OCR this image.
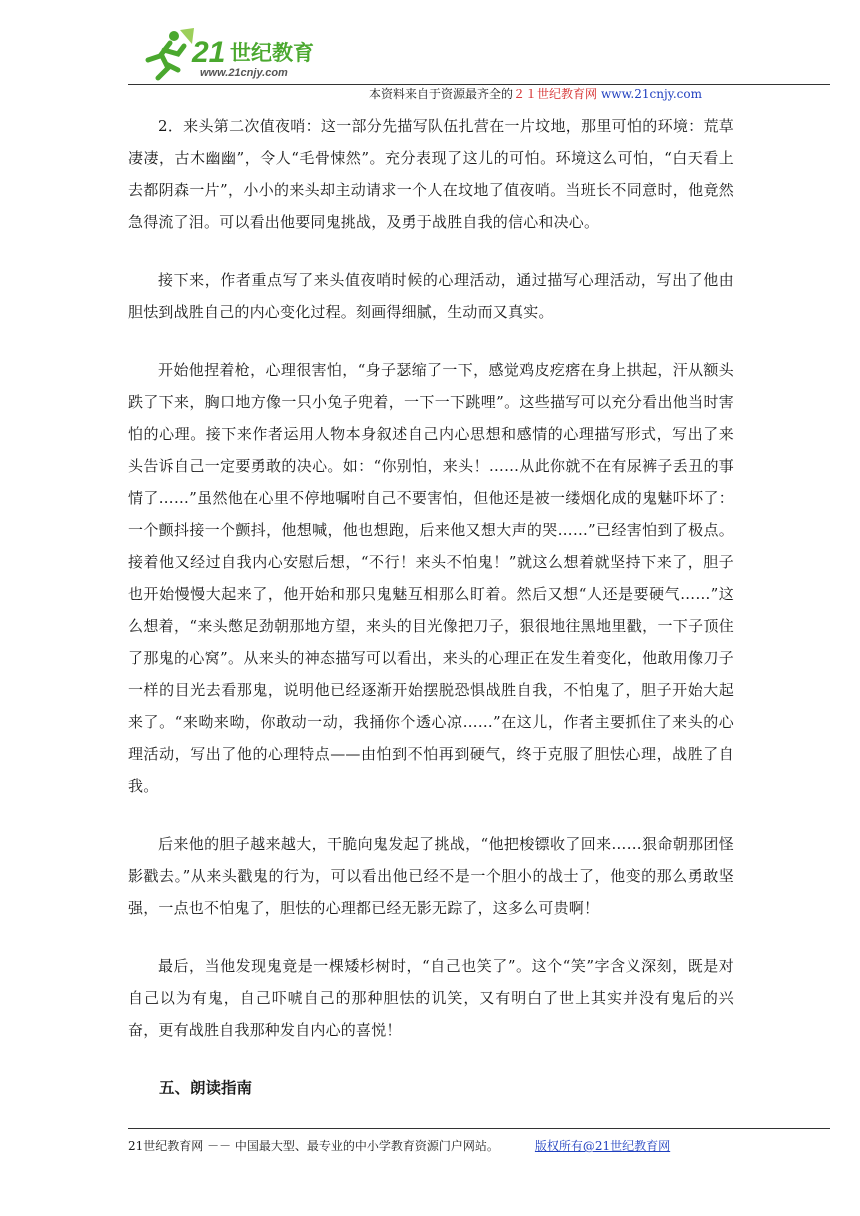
21 世纪教育
www.21cnjy.com
本资料来自于资源最齐全的２１世纪教育网 www.21cnjy.com

2．来头第二次值夜哨：这一部分先描写队伍扎营在一片坟地，那里可怕的环境：荒草凄凄，古木幽幽”，令人“毛骨悚然”。充分表现了这儿的可怕。环境这么可怕，“白天看上去都阴森一片”，小小的来头却主动请求一个人在坟地了值夜哨。当班长不同意时，他竟然急得流了泪。可以看出他要同鬼挑战，及勇于战胜自我的信心和决心。

接下来，作者重点写了来头值夜哨时候的心理活动，通过描写心理活动，写出了他由胆怯到战胜自己的内心变化过程。刻画得细腻，生动而又真实。

开始他捏着枪，心理很害怕，“身子瑟缩了一下，感觉鸡皮疙瘩在身上拱起，汗从额头跌了下来，胸口地方像一只小兔子兜着，一下一下跳哩”。这些描写可以充分看出他当时害怕的心理。接下来作者运用人物本身叙述自己内心思想和感情的心理描写形式，写出了来头告诉自己一定要勇敢的决心。如：“你别怕，来头！……从此你就不在有尿裤子丢丑的事情了……”虽然他在心里不停地嘱咐自己不要害怕，但他还是被一缕烟化成的鬼魅吓坏了：一个颤抖接一个颤抖，他想喊，他也想跑，后来他又想大声的哭……”已经害怕到了极点。接着他又经过自我内心安慰后想，“不行！来头不怕鬼！”就这么想着就坚持下来了，胆子也开始慢慢大起来了，他开始和那只鬼魅互相那么盯着。然后又想“人还是要硬气……”这么想着，“来头憋足劲朝那地方望，来头的目光像把刀子，狠很地往黑地里戳，一下子顶住了那鬼的心窝”。从来头的神态描写可以看出，来头的心理正在发生着变化，他敢用像刀子一样的目光去看那鬼，说明他已经逐渐开始摆脱恐惧战胜自我，不怕鬼了，胆子开始大起来了。“来呦来呦，你敢动一动，我捅你个透心凉……”在这儿，作者主要抓住了来头的心理活动，写出了他的心理特点——由怕到不怕再到硬气，终于克服了胆怯心理，战胜了自我。

后来他的胆子越来越大，干脆向鬼发起了挑战，“他把梭镖收了回来……狠命朝那团怪影戳去。”从来头戳鬼的行为，可以看出他已经不是一个胆小的战士了，他变的那么勇敢坚强，一点也不怕鬼了，胆怯的心理都已经无影无踪了，这多么可贵啊！

最后，当他发现鬼竟是一棵矮杉树时，“自己也笑了”。这个“笑”字含义深刻，既是对自己以为有鬼，自己吓唬自己的那种胆怯的讥笑，又有明白了世上其实并没有鬼后的兴奋，更有战胜自我那种发自内心的喜悦！

五、朗读指南
21世纪教育网 －－ 中国最大型、最专业的中小学教育资源门户网站。	版权所有@21世纪教育网
